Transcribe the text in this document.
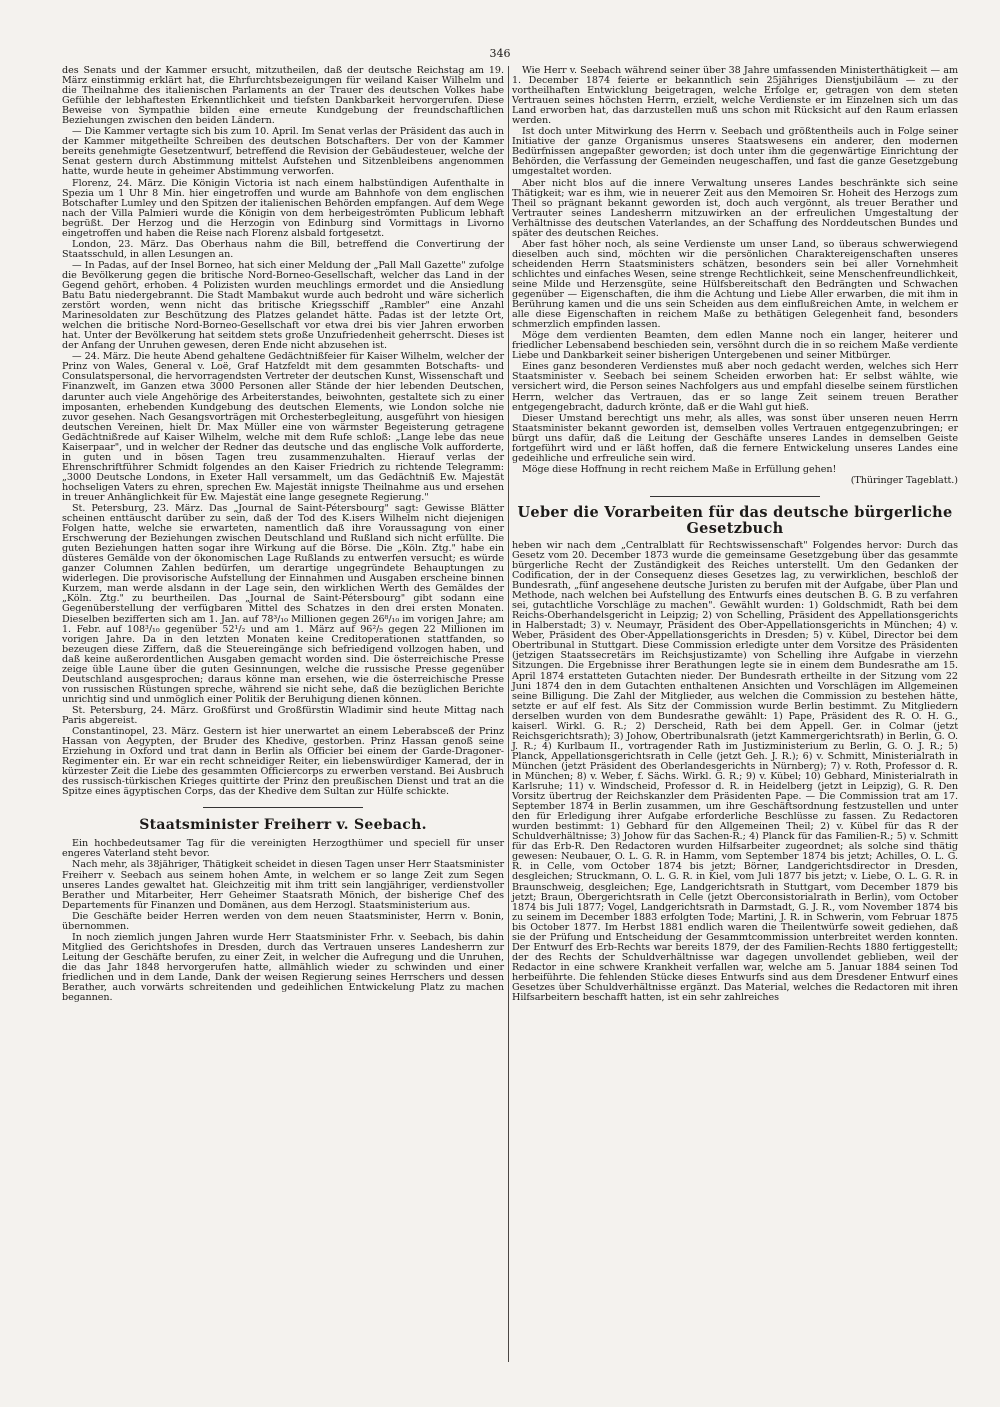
346

des Senats und der Kammer ersucht, mitzutheilen, daß der deutsche Reichstag am 19. März einstimmig erklärt hat, die Ehrfurchtsbezeigungen für weiland Kaiser Wilhelm und die Theilnahme des italienischen Parlaments an der Trauer des deutschen Volkes habe Gefühle der lebhaftesten Erkenntlichkeit und tiefsten Dankbarkeit hervorgerufen. Diese Beweise von Sympathie bilden eine erneute Kundgebung der freundschaftlichen Beziehungen zwischen den beiden Ländern.

— Die Kammer vertagte sich bis zum 10. April. Im Senat verlas der Präsident das auch in der Kammer mitgetheilte Schreiben des deutschen Botschafters. Der von der Kammer bereits genehmigte Gesetzentwurf, betreffend die Revision der Gebäudesteuer, welche der Senat gestern durch Abstimmung mittelst Aufstehen und Sitzenbleibens angenommen hatte, wurde heute in geheimer Abstimmung verworfen.

Florenz, 24. März. Die Königin Victoria ist nach einem halbstündigen Aufenthalte in Spezia um 1 Uhr 8 Min. hier eingetroffen und wurde am Bahnhofe von dem englischen Botschafter Lumley und den Spitzen der italienischen Behörden empfangen. Auf dem Wege nach der Villa Palmieri wurde die Königin von dem herbeigeströmten Publicum lebhaft begrüßt. Der Herzog und die Herzogin von Edinburg sind Vormittags in Livorno eingetroffen und haben die Reise nach Florenz alsbald fortgesetzt.

London, 23. März. Das Oberhaus nahm die Bill, betreffend die Convertirung der Staatsschuld, in allen Lesungen an.

— In Padas, auf der Insel Borneo, hat sich einer Meldung der „Pall Mall Gazette" zufolge die Bevölkerung gegen die britische Nord-Borneo-Gesellschaft, welcher das Land in der Gegend gehört, erhoben. 4 Polizisten wurden meuchlings ermordet und die Ansiedlung Batu Batu niedergebrannt. Die Stadt Mambakut wurde auch bedroht und wäre sicherlich zerstört worden, wenn nicht das britische Kriegsschiff „Rambler" eine Anzahl Marinesoldaten zur Beschützung des Platzes gelandet hätte. Padas ist der letzte Ort, welchen die britische Nord-Borneo-Gesellschaft vor etwa drei bis vier Jahren erworben hat. Unter der Bevölkerung hat seitdem stets große Unzufriedenheit geherrscht. Dieses ist der Anfang der Unruhen gewesen, deren Ende nicht abzusehen ist.

— 24. März. Die heute Abend gehaltene Gedächtnißfeier für Kaiser Wilhelm, welcher der Prinz von Wales, General v. Loë, Graf Hatzfeldt mit dem gesammten Botschafts- und Consulatspersonal, die hervorragendsten Vertreter der deutschen Kunst, Wissenschaft und Finanzwelt, im Ganzen etwa 3000 Personen aller Stände der hier lebenden Deutschen, darunter auch viele Angehörige des Arbeiterstandes, beiwohnten, gestaltete sich zu einer imposanten, erhebenden Kundgebung des deutschen Elements, wie London solche nie zuvor gesehen. Nach Gesangsvorträgen mit Orchesterbegleitung, ausgeführt von hiesigen deutschen Vereinen, hielt Dr. Max Müller eine von wärmster Begeisterung getragene Gedächtnißrede auf Kaiser Wilhelm, welche mit dem Rufe schloß: „Lange lebe das neue Kaiserpaar", und in welcher der Redner das deutsche und das englische Volk aufforderte, in guten und in bösen Tagen treu zusammenzuhalten. Hierauf verlas der Ehrenschriftführer Schmidt folgendes an den Kaiser Friedrich zu richtende Telegramm: „3000 Deutsche Londons, in Exeter Hall versammelt, um das Gedächtniß Ew. Majestät hochseligen Vaters zu ehren, sprechen Ew. Majestät innigste Theilnahme aus und ersehen in treuer Anhänglichkeit für Ew. Majestät eine lange gesegnete Regierung."

St. Petersburg, 23. März. Das „Journal de Saint-Pétersbourg" sagt: Gewisse Blätter scheinen enttäuscht darüber zu sein, daß der Tod des K.isers Wilhelm nicht diejenigen Folgen hatte, welche sie erwarteten, namentlich daß ihre Voraussagung von einer Erschwerung der Beziehungen zwischen Deutschland und Rußland sich nicht erfüllte. Die guten Beziehungen hatten sogar ihre Wirkung auf die Börse. Die „Köln. Ztg." habe ein düsteres Gemälde von der ökonomischen Lage Rußlands zu entwerfen versucht; es würde ganzer Columnen Zahlen bedürfen, um derartige ungegründete Behauptungen zu widerlegen. Die provisorische Aufstellung der Einnahmen und Ausgaben erscheine binnen Kurzem, man werde alsdann in der Lage sein, den wirklichen Werth des Gemäldes der „Köln. Ztg." zu beurtheilen. Das „Journal de Saint-Pétersbourg" gibt sodann eine Gegenüberstellung der verfügbaren Mittel des Schatzes in den drei ersten Monaten. Dieselben bezifferten sich am 1. Jan. auf 78³/₁₀ Millionen gegen 26⁸/₁₀ im vorigen Jahre; am 1. Febr. auf 108³/₁₀ gegenüber 52¹/₂ und am 1. März auf 96²/₅ gegen 22 Millionen im vorigen Jahre. Da in den letzten Monaten keine Creditoperationen stattfanden, so bezeugen diese Ziffern, daß die Steuereingänge sich befriedigend vollzogen haben, und daß keine außerordentlichen Ausgaben gemacht worden sind. Die österreichische Presse zeige üble Laune über die guten Gesinnungen, welche die russische Presse gegenüber Deutschland ausgesprochen; daraus könne man ersehen, wie die österreichische Presse von russischen Rüstungen spreche, während sie nicht sehe, daß die bezüglichen Berichte unrichtig sind und unmöglich einer Politik der Beruhigung dienen können.

St. Petersburg, 24. März. Großfürst und Großfürstin Wladimir sind heute Mittag nach Paris abgereist.

Constantinopel, 23. März. Gestern ist hier unerwartet an einem Leberabsceß der Prinz Hassan von Aegypten, der Bruder des Khedive, gestorben. Prinz Hassan genoß seine Erziehung in Oxford und trat dann in Berlin als Officier bei einem der Garde-Dragoner-Regimenter ein. Er war ein recht schneidiger Reiter, ein liebenswürdiger Kamerad, der in kürzester Zeit die Liebe des gesammten Officiercorps zu erwerben verstand. Bei Ausbruch des russisch-türkischen Krieges quittirte der Prinz den preußischen Dienst und trat an die Spitze eines ägyptischen Corps, das der Khedive dem Sultan zur Hülfe schickte.

Staatsminister Freiherr v. Seebach.

Ein hochbedeutsamer Tag für die vereinigten Herzogthümer und speciell für unser engeres Vaterland steht bevor.

Nach mehr, als 38jähriger, Thätigkeit scheidet in diesen Tagen unser Herr Staatsminister Freiherr v. Seebach aus seinem hohen Amte, in welchem er so lange Zeit zum Segen unseres Landes gewaltet hat. Gleichzeitig mit ihm tritt sein langjähriger, verdienstvoller Berather und Mitarbeiter, Herr Geheimer Staatsrath Mönich, der bisherige Chef des Departements für Finanzen und Domänen, aus dem Herzogl. Staatsministerium aus.

Die Geschäfte beider Herren werden von dem neuen Staatsminister, Herrn v. Bonin, übernommen.

In noch ziemlich jungen Jahren wurde Herr Staatsminister Frhr. v. Seebach, bis dahin Mitglied des Gerichtshofes in Dresden, durch das Vertrauen unseres Landesherrn zur Leitung der Geschäfte berufen, zu einer Zeit, in welcher die Aufregung und die Unruhen, die das Jahr 1848 hervorgerufen hatte, allmählich wieder zu schwinden und einer friedlichen und in dem Lande, Dank der weisen Regierung seines Herrschers und dessen Berather, auch vorwärts schreitenden und gedeihlichen Entwickelung Platz zu machen begannen.

Wie Herr v. Seebach während seiner über 38 Jahre umfassenden Ministerthätigkeit — am 1. December 1874 feierte er bekanntlich sein 25jähriges Dienstjubiläum — zu der vortheilhaften Entwicklung beigetragen, welche Erfolge er, getragen von dem steten Vertrauen seines höchsten Herrn, erzielt, welche Verdienste er im Einzelnen sich um das Land erworben hat, das darzustellen muß uns schon mit Rücksicht auf den Raum erlassen werden.

Ist doch unter Mitwirkung des Herrn v. Seebach und größtentheils auch in Folge seiner Initiative der ganze Organismus unseres Staatswesens ein anderer, den modernen Bedürfnissen angepaßter geworden; ist doch unter ihm die gegenwärtige Einrichtung der Behörden, die Verfassung der Gemeinden neugeschaffen, und fast die ganze Gesetzgebung umgestaltet worden.

Aber nicht blos auf die innere Verwaltung unseres Landes beschränkte sich seine Thätigkeit; war es ihm, wie in neuerer Zeit aus den Memoiren Sr. Hoheit des Herzogs zum Theil so prägnant bekannt geworden ist, doch auch vergönnt, als treuer Berather und Vertrauter seines Landesherrn mitzuwirken an der erfreulichen Umgestaltung der Verhältnisse des deutschen Vaterlandes, an der Schaffung des Norddeutschen Bundes und später des deutschen Reiches.

Aber fast höher noch, als seine Verdienste um unser Land, so überaus schwerwiegend dieselben auch sind, möchten wir die persönlichen Charaktereigenschaften unseres scheidenden Herrn Staatsministers schätzen, besonders sein bei aller Vornehmheit schlichtes und einfaches Wesen, seine strenge Rechtlichkeit, seine Menschenfreundlichkeit, seine Milde und Herzensgüte, seine Hülfsbereitschaft den Bedrängten und Schwachen gegenüber — Eigenschaften, die ihm die Achtung und Liebe Aller erwarben, die mit ihm in Berührung kamen und die uns sein Scheiden aus dem einflußreichen Amte, in welchem er alle diese Eigenschaften in reichem Maße zu bethätigen Gelegenheit fand, besonders schmerzlich empfinden lassen.

Möge dem verdienten Beamten, dem edlen Manne noch ein langer, heiterer und friedlicher Lebensabend beschieden sein, versöhnt durch die in so reichem Maße verdiente Liebe und Dankbarkeit seiner bisherigen Untergebenen und seiner Mitbürger.

Eines ganz besonderen Verdienstes muß aber noch gedacht werden, welches sich Herr Staatsminister v. Seebach bei seinem Scheiden erworben hat: Er selbst wählte, wie versichert wird, die Person seines Nachfolgers aus und empfahl dieselbe seinem fürstlichen Herrn, welcher das Vertrauen, das er so lange Zeit seinem treuen Berather entgegengebracht, dadurch krönte, daß er die Wahl gut hieß.

Dieser Umstand berechtigt uns mehr, als alles, was sonst über unseren neuen Herrn Staatsminister bekannt geworden ist, demselben volles Vertrauen entgegenzubringen; er bürgt uns dafür, daß die Leitung der Geschäfte unseres Landes in demselben Geiste fortgeführt wird und er läßt hoffen, daß die fernere Entwickelung unseres Landes eine gedeihliche und erfreuliche sein wird.

Möge diese Hoffnung in recht reichem Maße in Erfüllung gehen!

(Thüringer Tageblatt.)

Ueber die Vorarbeiten für das deutsche bürgerliche Gesetzbuch

heben wir nach dem „Centralblatt für Rechtswissenschaft" Folgendes hervor: Durch das Gesetz vom 20. December 1873 wurde die gemeinsame Gesetzgebung über das gesammte bürgerliche Recht der Zuständigkeit des Reiches unterstellt. Um den Gedanken der Codification, der in der Consequenz dieses Gesetzes lag, zu verwirklichen, beschloß der Bundesrath, „fünf angesehene deutsche Juristen zu berufen mit der Aufgabe, über Plan und Methode, nach welchen bei Aufstellung des Entwurfs eines deutschen B. G. B zu verfahren sei, gutachtliche Vorschläge zu machen". Gewählt wurden: 1) Goldschmidt, Rath bei dem Reichs-Oberhandelsgericht in Leipzig; 2) von Schelling, Präsident des Appellationsgerichts in Halberstadt; 3) v. Neumayr, Präsident des Ober-Appellationsgerichts in München; 4) v. Weber, Präsident des Ober-Appellationsgerichts in Dresden; 5) v. Kübel, Director bei dem Obertribunal in Stuttgart. Diese Commission erledigte unter dem Vorsitze des Präsidenten (jetzigen Staatssecretärs im Reichsjustizamte) von Schelling ihre Aufgabe in vierzehn Sitzungen. Die Ergebnisse ihrer Berathungen legte sie in einem dem Bundesrathe am 15. April 1874 erstatteten Gutachten nieder. Der Bundesrath ertheilte in der Sitzung vom 22 Juni 1874 den in dem Gutachten enthaltenen Ansichten und Vorschlägen im Allgemeinen seine Billigung. Die Zahl der Mitglieder, aus welchen die Commission zu bestehen hätte, setzte er auf elf fest. Als Sitz der Commission wurde Berlin bestimmt. Zu Mitgliedern derselben wurden von dem Bundesrathe gewählt: 1) Pape, Präsident des R. O. H. G., kaiserl. Wirkl. G. R.; 2) Derscheid, Rath bei dem Appell. Ger. in Colmar (jetzt Reichsgerichtsrath); 3) Johow, Obertribunalsrath (jetzt Kammergerichtsrath) in Berlin, G. O. J. R.; 4) Kurlbaum II., vortragender Rath im Justizministerium zu Berlin, G. O. J. R.; 5) Planck, Appellationsgerichtsrath in Celle (jetzt Geh. J. R.); 6) v. Schmitt, Ministerialrath in München (jetzt Präsident des Oberlandesgerichts in Nürnberg); 7) v. Roth, Professor d. R. in München; 8) v. Weber, f. Sächs. Wirkl. G. R.; 9) v. Kübel; 10) Gebhard, Ministerialrath in Karlsruhe; 11) v. Windscheid, Professor d. R. in Heidelberg (jetzt in Leipzig), G. R. Den Vorsitz übertrug der Reichskanzler dem Präsidenten Pape. — Die Commission trat am 17. September 1874 in Berlin zusammen, um ihre Geschäftsordnung festzustellen und unter den für Erledigung ihrer Aufgabe erforderliche Beschlüsse zu fassen. Zu Redactoren wurden bestimmt: 1) Gebhard für den Allgemeinen Theil; 2) v. Kübel für das R der Schuldverhältnisse; 3) Johow für das Sachen-R.; 4) Planck für das Familien-R.; 5) v. Schmitt für das Erb-R. Den Redactoren wurden Hilfsarbeiter zugeordnet; als solche sind thätig gewesen: Neubauer, O. L. G. R. in Hamm, vom September 1874 bis jetzt; Achilles, O. L. G. R. in Celle, vom October 1874 bis jetzt; Börner, Landgerichtsdirector in Dresden, desgleichen; Struckmann, O. L. G. R. in Kiel, vom Juli 1877 bis jetzt; v. Liebe, O. L. G. R. in Braunschweig, desgleichen; Ege, Landgerichtsrath in Stuttgart, vom December 1879 bis jetzt; Braun, Obergerichtsrath in Celle (jetzt Oberconsistorialrath in Berlin), vom October 1874 bis Juli 1877; Vogel, Landgerichtsrath in Darmstadt, G. J. R., vom November 1874 bis zu seinem im December 1883 erfolgten Tode; Martini, J. R. in Schwerin, vom Februar 1875 bis October 1877. Im Herbst 1881 endlich waren die Theilentwürfe soweit gediehen, daß sie der Prüfung und Entscheidung der Gesammtcommission unterbreitet werden konnten. Der Entwurf des Erb-Rechts war bereits 1879, der des Familien-Rechts 1880 fertiggestellt; der des Rechts der Schuldverhältnisse war dagegen unvollendet geblieben, weil der Redactor in eine schwere Krankheit verfallen war, welche am 5. Januar 1884 seinen Tod herbeiführte. Die fehlenden Stücke dieses Entwurfs sind aus dem Dresdener Entwurf eines Gesetzes über Schuldverhältnisse ergänzt. Das Material, welches die Redactoren mit ihren Hilfsarbeitern beschafft hatten, ist ein sehr zahlreiches
